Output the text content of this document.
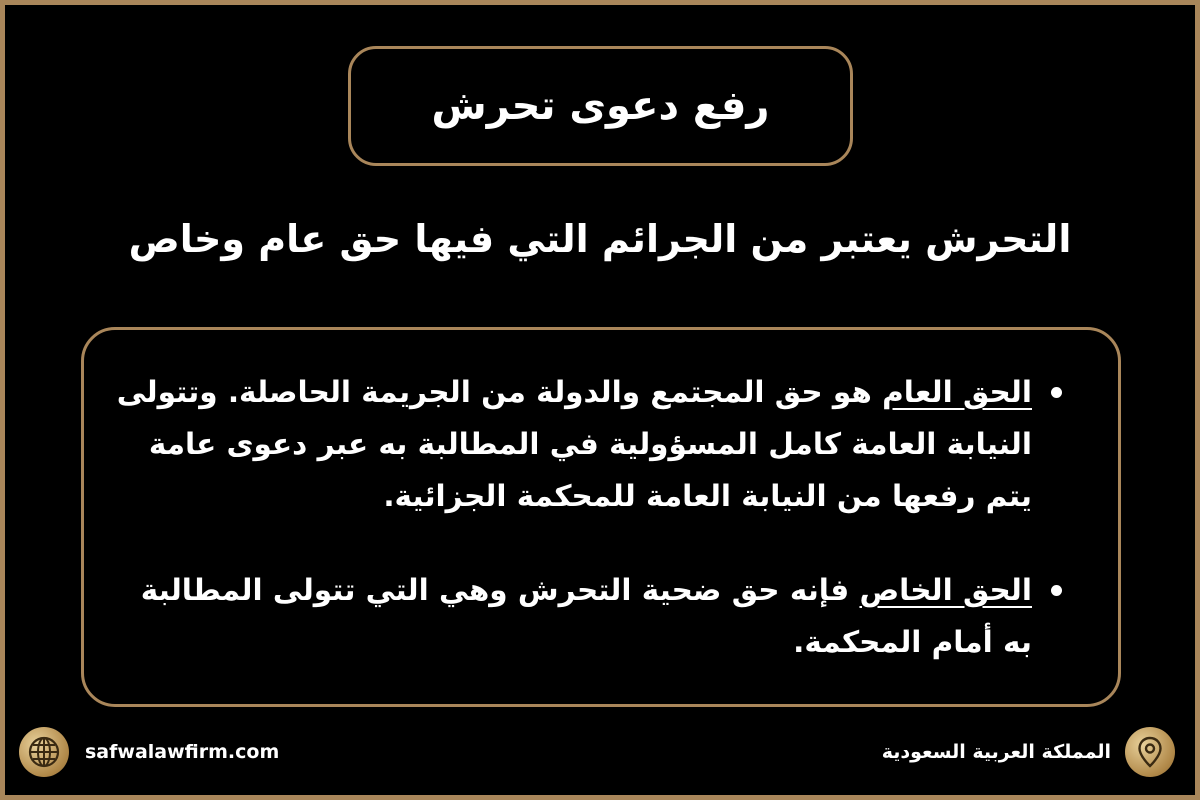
رفع دعوى تحرش
التحرش يعتبر من الجرائم التي فيها حق عام وخاص
الحق العام هو حق المجتمع والدولة من الجريمة الحاصلة. وتتولى النيابة العامة كامل المسؤولية في المطالبة به عبر دعوى عامة يتم رفعها من النيابة العامة للمحكمة الجزائية.
الحق الخاص فإنه حق ضحية التحرش وهي التي تتولى المطالبة به أمام المحكمة.
safwalawfirm.com	المملكة العربية السعودية
